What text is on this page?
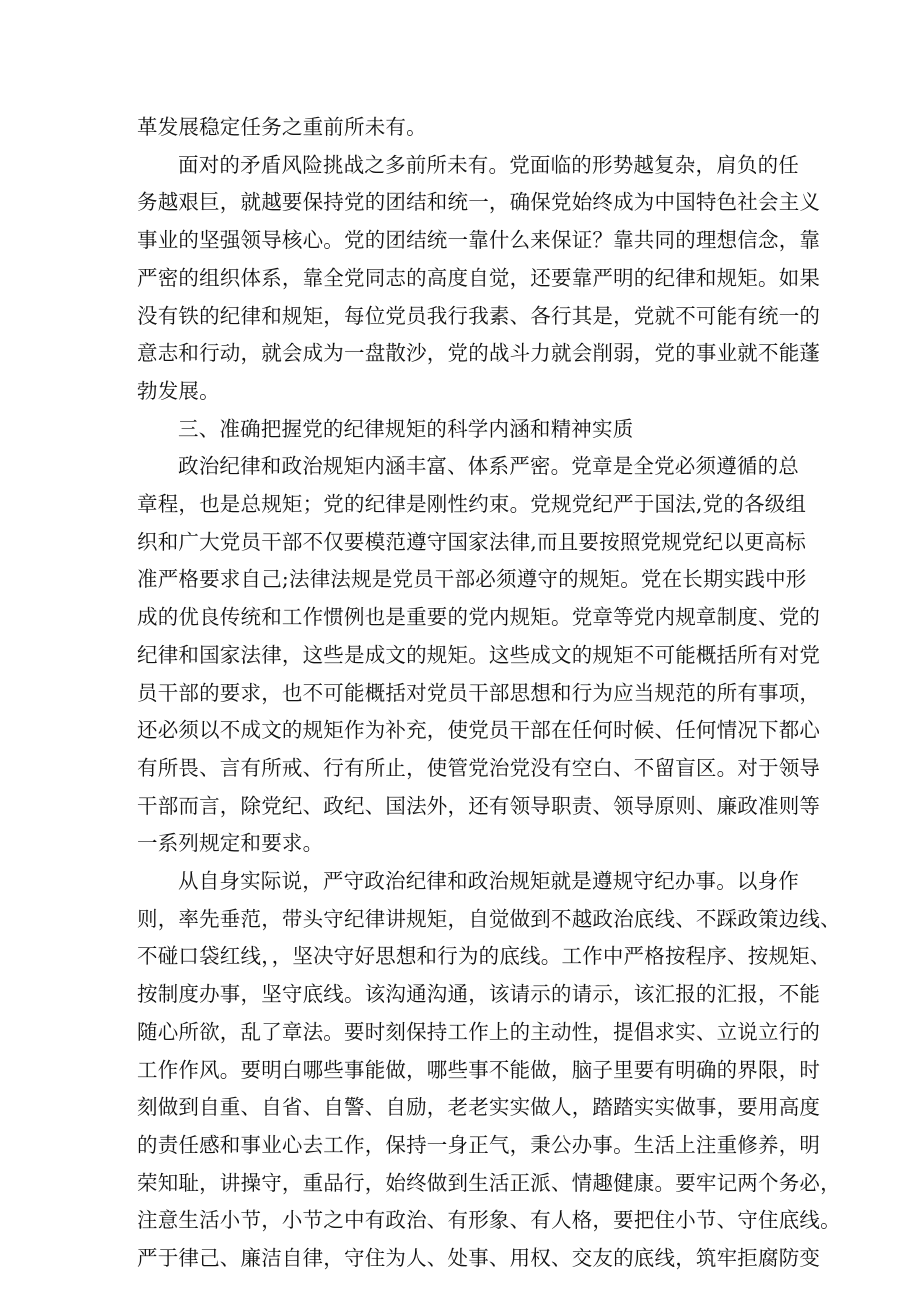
革发展稳定任务之重前所未有。
面对的矛盾风险挑战之多前所未有。党面临的形势越复杂，肩负的任
务越艰巨，就越要保持党的团结和统一，确保党始终成为中国特色社会主义
事业的坚强领导核心。党的团结统一靠什么来保证？靠共同的理想信念，靠
严密的组织体系，靠全党同志的高度自觉，还要靠严明的纪律和规矩。如果
没有铁的纪律和规矩，每位党员我行我素、各行其是，党就不可能有统一的
意志和行动，就会成为一盘散沙，党的战斗力就会削弱，党的事业就不能蓬
勃发展。
三、准确把握党的纪律规矩的科学内涵和精神实质
政治纪律和政治规矩内涵丰富、体系严密。党章是全党必须遵循的总
章程，也是总规矩；党的纪律是刚性约束。党规党纪严于国法,党的各级组
织和广大党员干部不仅要模范遵守国家法律,而且要按照党规党纪以更高标
准严格要求自己;法律法规是党员干部必须遵守的规矩。党在长期实践中形
成的优良传统和工作惯例也是重要的党内规矩。党章等党内规章制度、党的
纪律和国家法律，这些是成文的规矩。这些成文的规矩不可能概括所有对党
员干部的要求，也不可能概括对党员干部思想和行为应当规范的所有事项，
还必须以不成文的规矩作为补充，使党员干部在任何时候、任何情况下都心
有所畏、言有所戒、行有所止，使管党治党没有空白、不留盲区。对于领导
干部而言，除党纪、政纪、国法外，还有领导职责、领导原则、廉政准则等
一系列规定和要求。
从自身实际说，严守政治纪律和政治规矩就是遵规守纪办事。以身作
则，率先垂范，带头守纪律讲规矩，自觉做到不越政治底线、不踩政策边线、
不碰口袋红线，，坚决守好思想和行为的底线。工作中严格按程序、按规矩、
按制度办事，坚守底线。该沟通沟通，该请示的请示，该汇报的汇报，不能
随心所欲，乱了章法。要时刻保持工作上的主动性，提倡求实、立说立行的
工作作风。要明白哪些事能做，哪些事不能做，脑子里要有明确的界限，时
刻做到自重、自省、自警、自励，老老实实做人，踏踏实实做事，要用高度
的责任感和事业心去工作，保持一身正气，秉公办事。生活上注重修养，明
荣知耻，讲操守，重品行，始终做到生活正派、情趣健康。要牢记两个务必，
注意生活小节，小节之中有政治、有形象、有人格，要把住小节、守住底线。
严于律己、廉洁自律，守住为人、处事、用权、交友的底线，筑牢拒腐防变
